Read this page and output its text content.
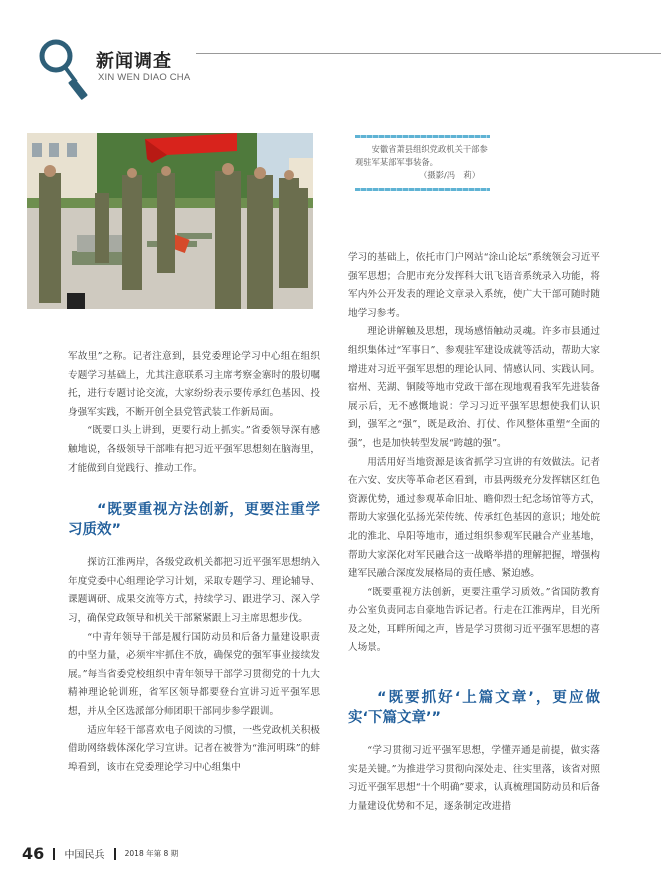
新闻调查
XIN WEN DIAO CHA
安徽省萧县组织党政机关干部参观驻军某部军事装备。
（摄影/冯　莉）

军故里”之称。记者注意到，县党委理论学习中心组在组织专题学习基础上，尤其注意联系习主席考察金寨时的殷切嘱托，进行专题讨论交流，大家纷纷表示要传承红色基因、投身强军实践，不断开创全县党管武装工作新局面。

“既要口头上讲到，更要行动上抓实。”省委领导深有感触地说，各级领导干部唯有把习近平强军思想刻在脑海里，才能做到自觉践行、推动工作。

“既要重视方法创新，更要注重学习质效”

探访江淮两岸，各级党政机关都把习近平强军思想纳入年度党委中心组理论学习计划，采取专题学习、理论辅导、课题调研、成果交流等方式，持续学习、跟进学习、深入学习，确保党政领导和机关干部紧紧跟上习主席思想步伐。

“中青年领导干部是履行国防动员和后备力量建设职责的中坚力量，必须牢牢抓住不放，确保党的强军事业接续发展。”每当省委党校组织中青年领导干部学习贯彻党的十九大精神理论轮训班，省军区领导都要登台宣讲习近平强军思想，并从全区选派部分师团职干部同步参学跟训。

适应年轻干部喜欢电子阅读的习惯，一些党政机关积极借助网络载体深化学习宣讲。记者在被誉为“淮河明珠”的蚌埠看到，该市在党委理论学习中心组集中

学习的基础上，依托市门户网站“涂山论坛”系统领会习近平强军思想；合肥市充分发挥科大讯飞语音系统录入功能，将军内外公开发表的理论文章录入系统，使广大干部可随时随地学习参考。

理论讲解触及思想，现场感悟触动灵魂。许多市县通过组织集体过“军事日”、参观驻军建设成就等活动，帮助大家增进对习近平强军思想的理论认同、情感认同、实践认同。宿州、芜湖、铜陵等地市党政干部在现地观看我军先进装备展示后，无不感慨地说：学习习近平强军思想使我们认识到，强军之“强”，既是政治、打仗、作风整体重塑“全面的强”，也是加快转型发展“跨越的强”。

用活用好当地资源是该省抓学习宣讲的有效做法。记者在六安、安庆等革命老区看到，市县两级充分发挥辖区红色资源优势，通过参观革命旧址、瞻仰烈士纪念场馆等方式，帮助大家强化弘扬光荣传统、传承红色基因的意识；地处皖北的淮北、阜阳等地市，通过组织参观军民融合产业基地，帮助大家深化对军民融合这一战略举措的理解把握，增强构建军民融合深度发展格局的责任感、紧迫感。

“既要重视方法创新，更要注重学习质效。”省国防教育办公室负责同志自豪地告诉记者。行走在江淮两岸，目光所及之处，耳畔所闻之声，皆是学习贯彻习近平强军思想的喜人场景。

“既要抓好‘上篇文章’，更应做实‘下篇文章’”

“学习贯彻习近平强军思想，学懂弄通是前提，做实落实是关键。”为推进学习贯彻向深处走、往实里落，该省对照习近平强军思想“十个明确”要求，认真梳理国防动员和后备力量建设优势和不足，逐条制定改进措

46 中国民兵	2018 年第 8 期
